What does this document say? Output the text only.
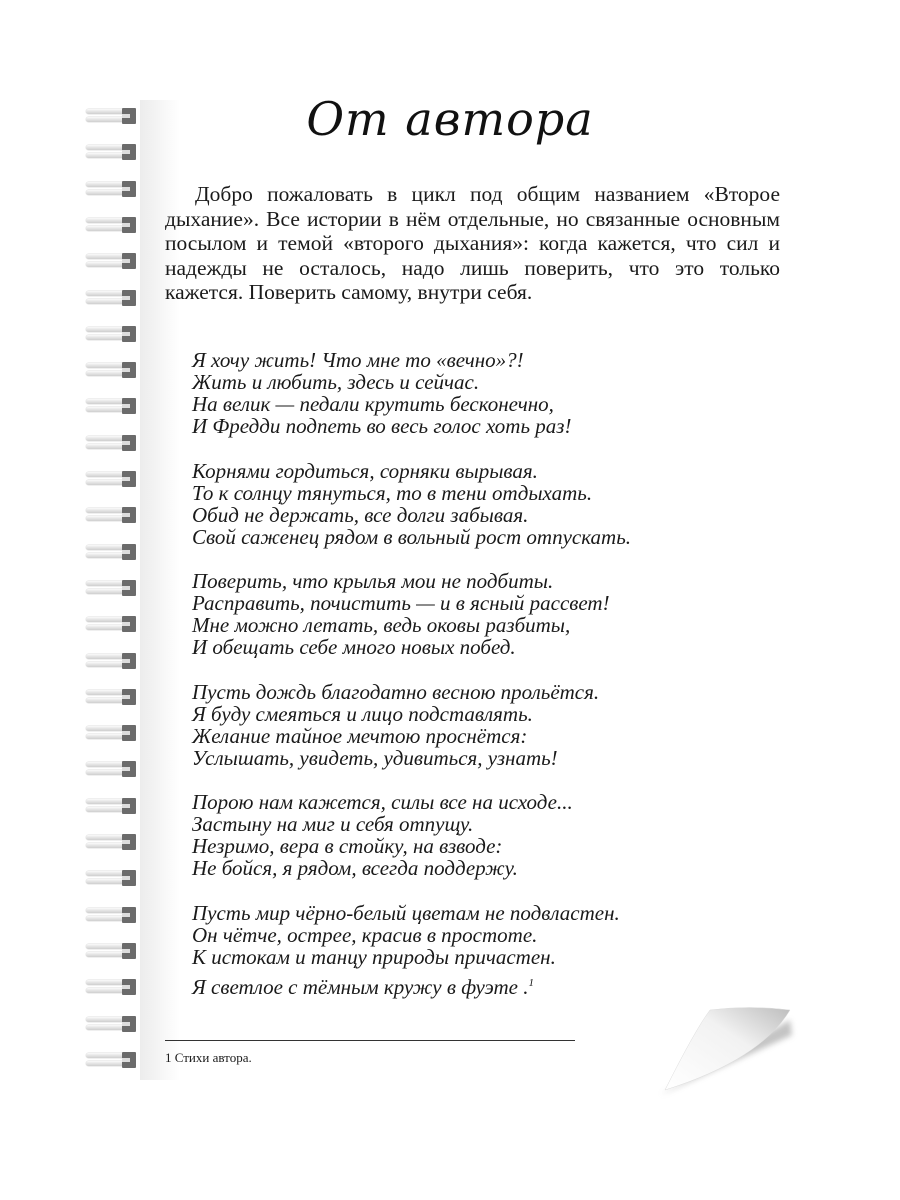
От автора

Добро пожаловать в цикл под общим названием «Второе дыхание». Все истории в нём отдельные, но связанные основным посылом и темой «второго дыхания»: когда кажется, что сил и надежды не осталось, надо лишь поверить, что это только кажется. Поверить самому, внутри себя.

Я хочу жить! Что мне то «вечно»?!
Жить и любить, здесь и сейчас.
На велик — педали крутить бесконечно,
И Фредди подпеть во весь голос хоть раз!
Корнями гордиться, сорняки вырывая.
То к солнцу тянуться, то в тени отдыхать.
Обид не держать, все долги забывая.
Свой саженец рядом в вольный рост отпускать.
Поверить, что крылья мои не подбиты.
Расправить, почистить — и в ясный рассвет!
Мне можно летать, ведь оковы разбиты,
И обещать себе много новых побед.
Пусть дождь благодатно весною прольётся.
Я буду смеяться и лицо подставлять.
Желание тайное мечтою проснётся:
Услышать, увидеть, удивиться, узнать!
Порою нам кажется, силы все на исходе...
Застыну на миг и себя отпущу.
Незримо, вера в стойку, на взводе:
Не бойся, я рядом, всегда поддержу.
Пусть мир чёрно-белый цветам не подвластен.
Он чётче, острее, красив в простоте.
К истокам и танцу природы причастен.
Я светлое с тёмным кружу в фуэте .$^1$
1 Стихи автора.
